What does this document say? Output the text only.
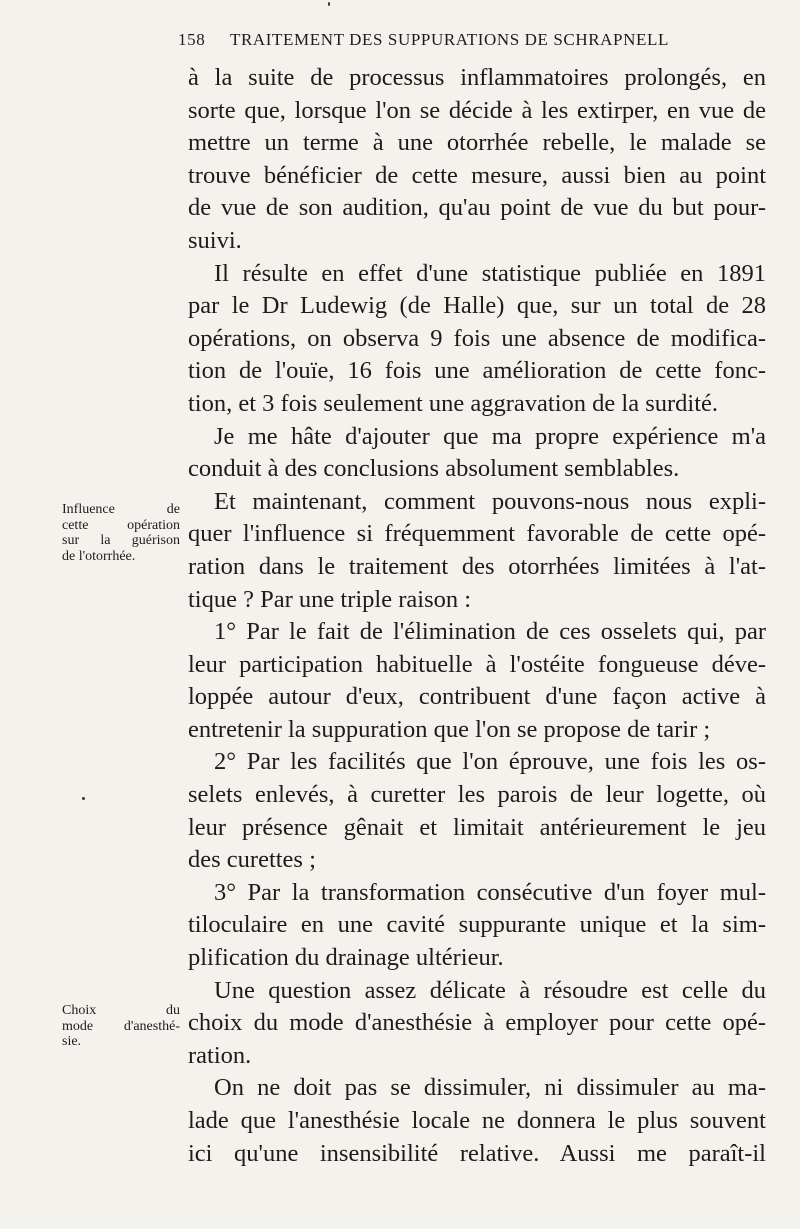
158 TRAITEMENT DES SUPPURATIONS DE SCHRAPNELL
à la suite de processus inflammatoires prolongés, en
sorte que, lorsque l'on se décide à les extirper, en vue de
mettre un terme à une otorrhée rebelle, le malade se
trouve bénéficier de cette mesure, aussi bien au point
de vue de son audition, qu'au point de vue du but pour-
suivi.
Il résulte en effet d'une statistique publiée en 1891
par le Dr Ludewig (de Halle) que, sur un total de 28
opérations, on observa 9 fois une absence de modifica-
tion de l'ouïe, 16 fois une amélioration de cette fonc-
tion, et 3 fois seulement une aggravation de la surdité.
Je me hâte d'ajouter que ma propre expérience m'a
conduit à des conclusions absolument semblables.
Et maintenant, comment pouvons-nous nous expli-
quer l'influence si fréquemment favorable de cette opé-
ration dans le traitement des otorrhées limitées à l'at-
tique ? Par une triple raison :
1° Par le fait de l'élimination de ces osselets qui, par
leur participation habituelle à l'ostéite fongueuse déve-
loppée autour d'eux, contribuent d'une façon active à
entretenir la suppuration que l'on se propose de tarir ;
2° Par les facilités que l'on éprouve, une fois les os-
selets enlevés, à curetter les parois de leur logette, où
leur présence gênait et limitait antérieurement le jeu
des curettes ;
3° Par la transformation consécutive d'un foyer mul-
tiloculaire en une cavité suppurante unique et la sim-
plification du drainage ultérieur.
Une question assez délicate à résoudre est celle du
choix du mode d'anesthésie à employer pour cette opé-
ration.
On ne doit pas se dissimuler, ni dissimuler au ma-
lade que l'anesthésie locale ne donnera le plus souvent
ici qu'une insensibilité relative. Aussi me paraît-il
Influence de
cette opération
sur la guérison
de l'otorrhée.
Choix du
mode d'anesthé-
sie.
